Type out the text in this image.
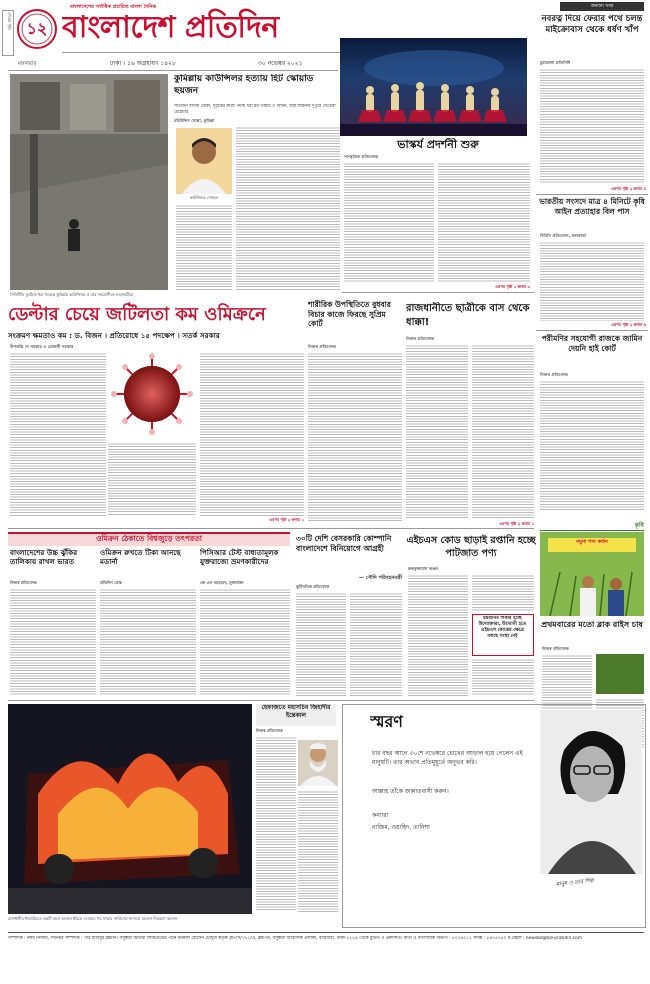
শেষের পৃষ্ঠা ১২
বাংলাদেশের সর্বাধিক প্রচারিত বাংলা দৈনিক
বাংলাদেশ প্রতিদিন
মঙ্গলবার	ঢাকা । ১৬ অগ্রহায়ণ ১৪২৮	৩০ নভেম্বর ২০২১
অন্যান্য খবর
নবরত্ন দিয়ে ফেরার পথে চলন্ত মাইক্রোবাস থেকে ধর্ষণ খাঁপ
চুয়াডাঙ্গা প্রতিনিধি
এরপর পৃষ্ঠা ২ কলাম ৫
ভারতীয় সংসদে মাত্র ৪ মিনিটে কৃষি আইন প্রত্যাহার বিল পাস
বিবিসি প্রতিবেদন, কলকাতা
এরপর পৃষ্ঠা ২ কলাম ৬
পরীমণির সহযোগী রাজকে জামিন দেয়নি হাই কোর্ট
নিজস্ব প্রতিবেদক
কুমিল্লায় কাউন্সিলর হত্যায় হিট স্কোয়াড ছয়জন
সাতজন বাসায় টোকা, দুর্বৃত্তের কাছে পর্যায় ধরা হয় তাহার ও বিজন, অস্ত্র বাহিনীর দুপুরে খেতেরা চেহেয়ার
মহিউদ্দিন মোল্লা, কুমিল্লা
কাউন্সিলর সোহেল
সিসিটিভি ফুটেজে ধরা পড়েছে কুমিল্লায় কাউন্সিলর ও তার সহযোগীকে হত্যাকারীরা
ভাস্কর্য প্রদর্শনী শুরু
সাংস্কৃতিক প্রতিবেদক
এরপর পৃষ্ঠা ২ কলাম ৩
ডেল্টার চেয়ে জটিলতা কম ওমিক্রনে
সংক্রমণ ক্ষমতাও কম : ড. বিজন । প্রতিরোধে ১৫ পদক্ষেপ । সতর্ক সরকার
উপলব্ধি দে সরকার ও রোজনী সরকার
এরপর পৃষ্ঠা ২ কলাম ১
শারীরিক উপস্থিতিতে বুধবার বিচার কাজে ফিরছে সুপ্রিম কোর্ট
নিজস্ব প্রতিবেদক
রাজধানীতে ছাত্রীকে বাস থেকে ধাক্কা!
নিজস্ব প্রতিবেদক
এরপর পৃষ্ঠা ২ কলাম ১
ওমিক্রন ঠেকাতে বিশ্বজুড়ে তৎপরতা
বাংলাদেশের উচ্চ ঝুঁকির তালিকায় রাখল ভারত
নিজস্ব প্রতিবেদক
ওমিক্রন রুখতে টিকা আনছে মডার্না
প্রতিদিন ডেস্ক
পিসিআর টেস্ট বাধ্যতামূলক যুক্তরাজ্যে ভ্রমণকারীদের
জে এস আহমেদ, যুক্তরাজ্য
৩০টি দেশি বেসরকারি কোম্পানি বাংলাদেশে বিনিয়োগে আগ্রহী
— সৌদি পরিবহনমন্ত্রী
কূটনৈতিক প্রতিবেদক
এইচএস কোড ছাড়াই রপ্তানি হচ্ছে পাটজাত পণ্য
রুকনুজ্জামান অঞ্জন
হয়রানির শিকার হচ্ছে উদ্যোক্তারা, উদ্যোগী হতে এইচএস কোডের ক্ষেত্রে বলছে সংস্থা নেই
কৃষি
নমুনা শস্য কর্তন
প্রথমবারের মতো ব্লাক রাইস চাষ
নিজস্ব প্রতিবেদক
রাজধানীর ধানমন্ডিতে একটি বাসে আগুন ধরিয়ে দেওয়ার পর ফায়ার সার্ভিসের সদস্যরা আগুন নিয়ন্ত্রণে আনেন
হেফাজতে মহাসচিব জিহাদীর ইন্তেকাল
নিজস্ব প্রতিবেদক	স্মরণ
চার বছর আগে ৩০শে নভেম্বরে চোখের আড়াল হয়ে গেলেন এই মানুষটি। তার অভাব প্রতিমুহূর্তে অনুভব করি।
আল্লাহ তাঁকে জান্নাতবাসী করুন।
কন্যারা
নাজিম, ওয়াহিদ, তানিশা
মানুষ ও তার শিল্প
সম্পাদক : নঈম নিজাম, সিনিয়র সম্পাদক : পীর হাবিবুর রহমান। বসুন্ধরা মিডিয়া লিমিটেডের পক্ষে ময়নাল হোসেন চৌধুরী কর্তৃক প্লট-সি/৩৭১/এ, ব্লক-ডি, বসুন্ধরা আবাসিক এলাকা, বারিধারা, ঢাকা-১২২৯ থেকে মুদ্রিত ও প্রকাশিত। বার্তা ও বাণিজ্যিক বিভাগ : ৮০২৬২১২ ফ্যাক্স : ৮৪০৫০৫০ ই-মেইল : newsbd@bd-pratidin.com
